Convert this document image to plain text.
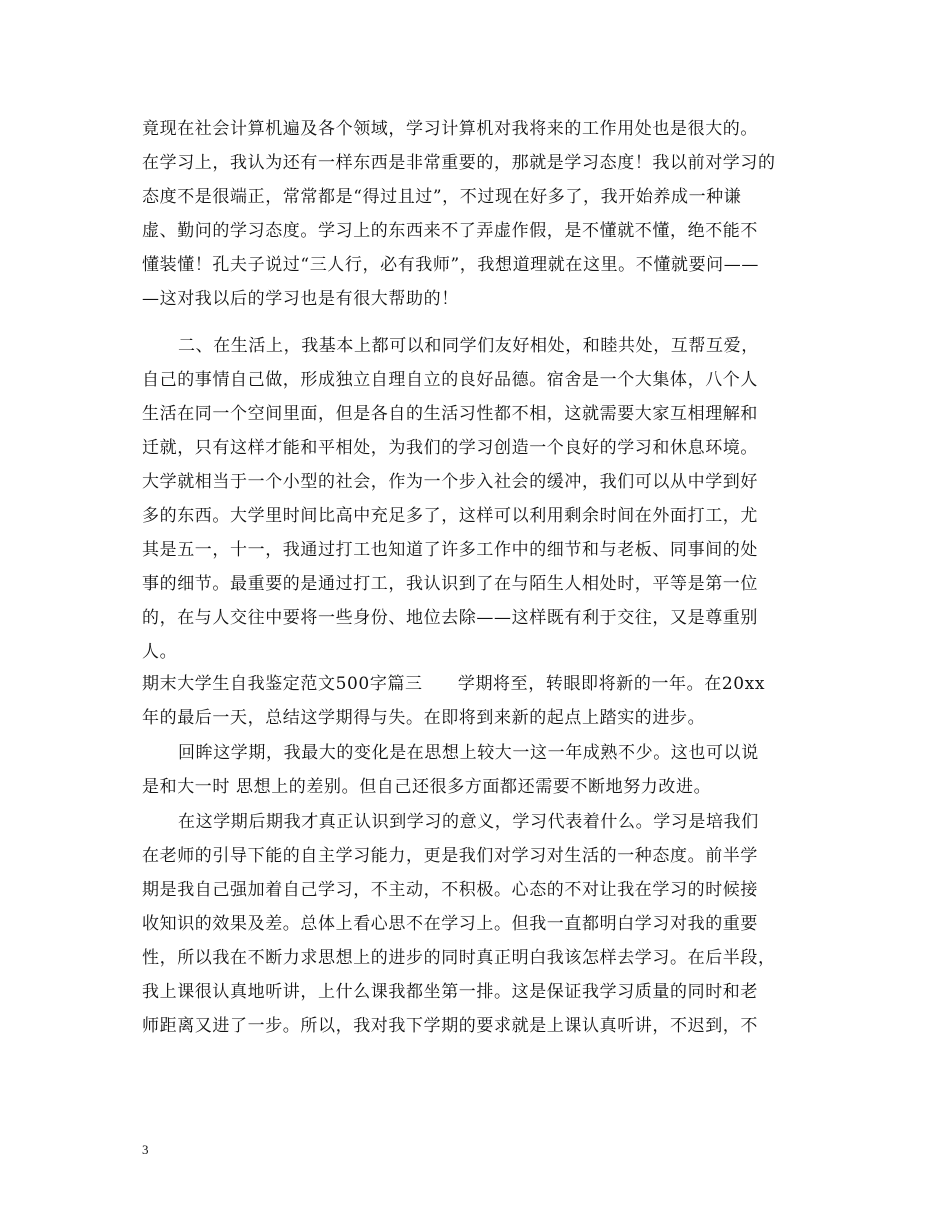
竟现在社会计算机遍及各个领域，学习计算机对我将来的工作用处也是很大的。
在学习上，我认为还有一样东西是非常重要的，那就是学习态度！我以前对学习的
态度不是很端正，常常都是“得过且过”，不过现在好多了，我开始养成一种谦
虚、勤问的学习态度。学习上的东西来不了弄虚作假，是不懂就不懂，绝不能不
懂装懂！孔夫子说过“三人行，必有我师”，我想道理就在这里。不懂就要问——
—这对我以后的学习也是有很大帮助的！
二、在生活上，我基本上都可以和同学们友好相处，和睦共处，互帮互爱，
自己的事情自己做，形成独立自理自立的良好品德。宿舍是一个大集体，八个人
生活在同一个空间里面，但是各自的生活习性都不相，这就需要大家互相理解和
迁就，只有这样才能和平相处，为我们的学习创造一个良好的学习和休息环境。
大学就相当于一个小型的社会，作为一个步入社会的缓冲，我们可以从中学到好
多的东西。大学里时间比高中充足多了，这样可以利用剩余时间在外面打工，尤
其是五一，十一，我通过打工也知道了许多工作中的细节和与老板、同事间的处
事的细节。最重要的是通过打工，我认识到了在与陌生人相处时，平等是第一位
的，在与人交往中要将一些身份、地位去除——这样既有利于交往，又是尊重别
人。
期末大学生自我鉴定范文500字篇三　　学期将至，转眼即将新的一年。在20xx
年的最后一天，总结这学期得与失。在即将到来新的起点上踏实的进步。
回眸这学期，我最大的变化是在思想上较大一这一年成熟不少。这也可以说
是和大一时 思想上的差别。但自己还很多方面都还需要不断地努力改进。
在这学期后期我才真正认识到学习的意义，学习代表着什么。学习是培我们
在老师的引导下能的自主学习能力，更是我们对学习对生活的一种态度。前半学
期是我自己强加着自己学习，不主动，不积极。心态的不对让我在学习的时候接
收知识的效果及差。总体上看心思不在学习上。但我一直都明白学习对我的重要
性，所以我在不断力求思想上的进步的同时真正明白我该怎样去学习。在后半段，
我上课很认真地听讲，上什么课我都坐第一排。这是保证我学习质量的同时和老
师距离又进了一步。所以，我对我下学期的要求就是上课认真听讲，不迟到，不
3
